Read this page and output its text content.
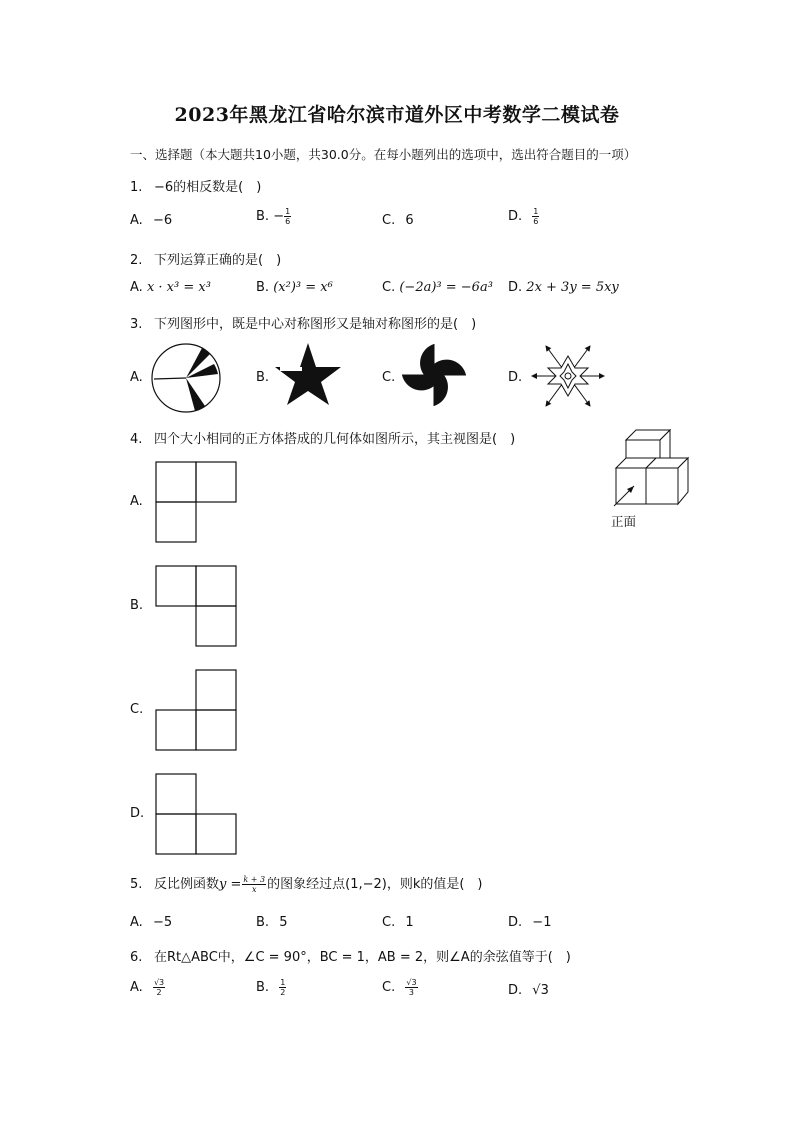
2023年黑龙江省哈尔滨市道外区中考数学二模试卷
一、选择题（本大题共10小题，共30.0分。在每小题列出的选项中，选出符合题目的一项）
1. −6的相反数是(　)
A. −6	B. − $\frac{1}{6}$	C. 6	D. $\frac{1}{6}$
2. 下列运算正确的是(　)
A. x · x³ = x³	B. (x²)³ = x⁶	C. (−2a)³ = −6a³ D. 2x + 3y = 5xy
3. 下列图形中，既是中心对称图形又是轴对称图形的是(　)
A.	B.	C.	D.
4. 四个大小相同的正方体搭成的几何体如图所示，其主视图是(　)
正面
A.
B.
C.
D.
5. 反比例函数$y = \frac{k + 3}{x}$ 的图象经过点(1,−2)，则k的值是(　)
A. −5	B. 5	C. 1	D. −1
6. 在Rt△ABC中，∠C = 90°，BC = 1，AB = 2，则∠A的余弦值等于(　)
A. $\frac{√3}{2}$	B. $\frac{1}{2}$	C. $\frac{√3}{3}$	D. √3
